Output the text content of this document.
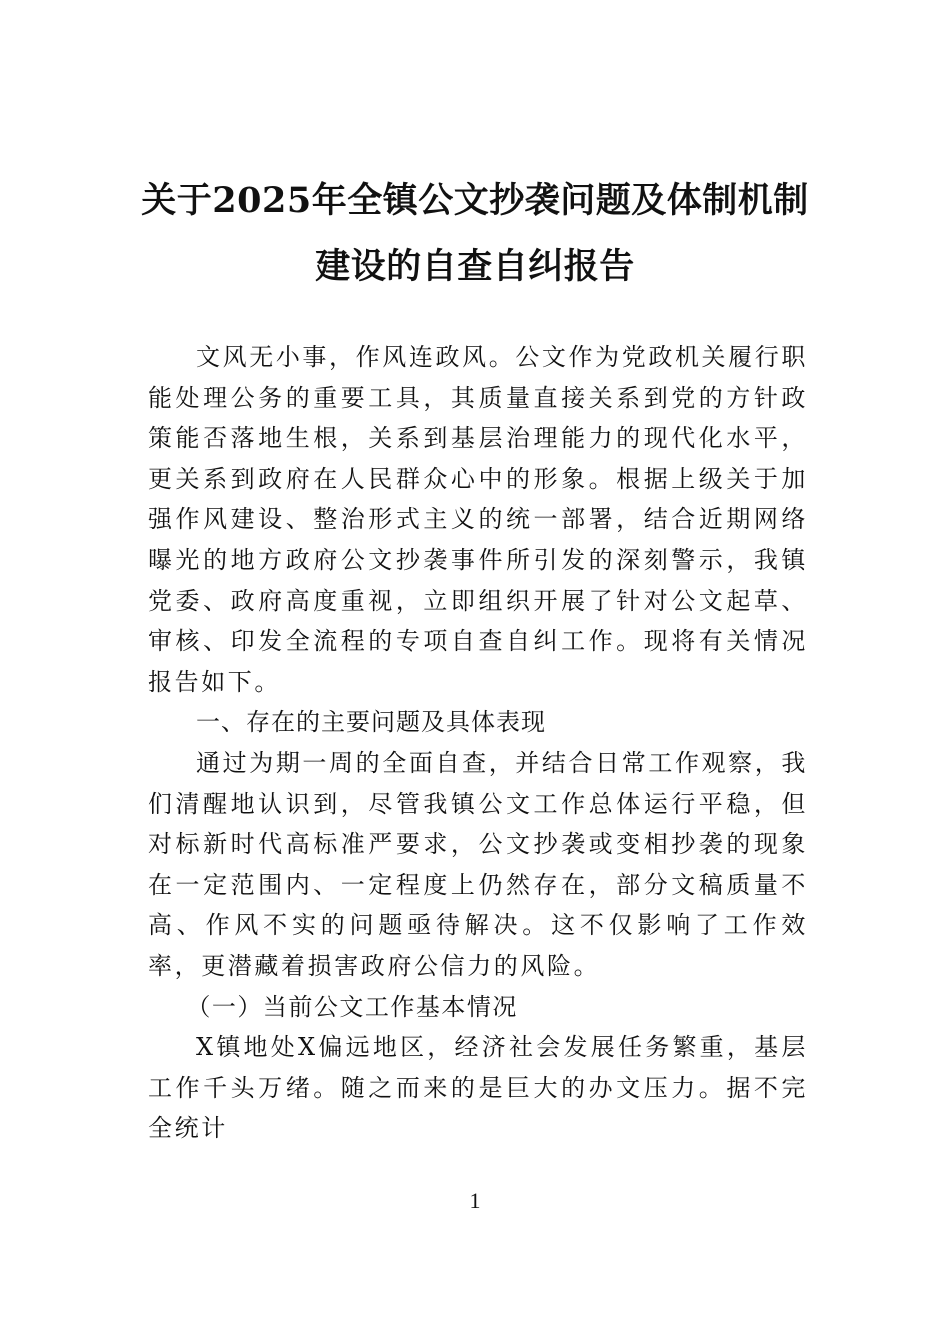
关于2025年全镇公文抄袭问题及体制机制
建设的自查自纠报告

文风无小事，作风连政风。公文作为党政机关履行职能处理公务的重要工具，其质量直接关系到党的方针政策能否落地生根，关系到基层治理能力的现代化水平，更关系到政府在人民群众心中的形象。根据上级关于加强作风建设、整治形式主义的统一部署，结合近期网络曝光的地方政府公文抄袭事件所引发的深刻警示，我镇党委、政府高度重视，立即组织开展了针对公文起草、审核、印发全流程的专项自查自纠工作。现将有关情况报告如下。

一、存在的主要问题及具体表现

通过为期一周的全面自查，并结合日常工作观察，我们清醒地认识到，尽管我镇公文工作总体运行平稳，但对标新时代高标准严要求，公文抄袭或变相抄袭的现象在一定范围内、一定程度上仍然存在，部分文稿质量不高、作风不实的问题亟待解决。这不仅影响了工作效率，更潜藏着损害政府公信力的风险。

（一）当前公文工作基本情况

X镇地处X偏远地区，经济社会发展任务繁重，基层工作千头万绪。随之而来的是巨大的办文压力。据不完全统计

1
